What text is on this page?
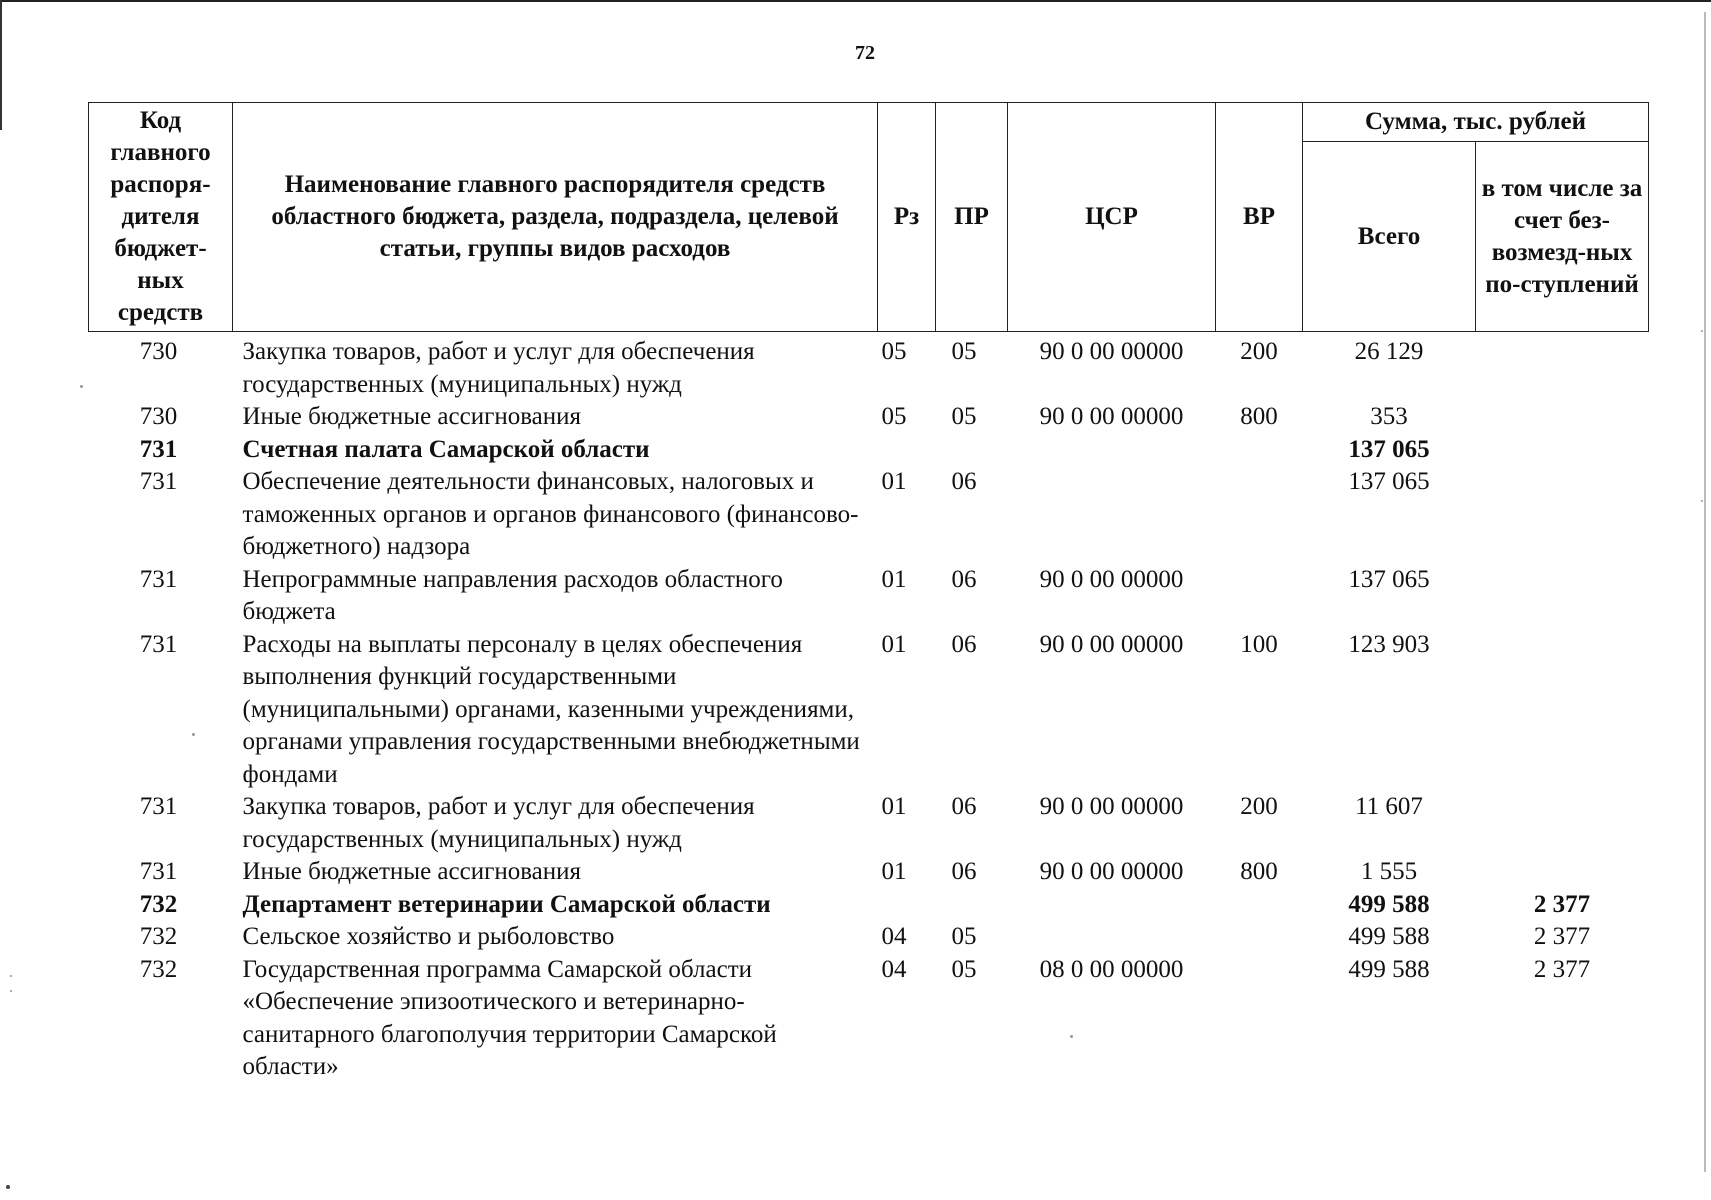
72
Код главного распоря-дителя бюджет-ных средств	Наименование главного распорядителя средств областного бюджета, раздела, подраздела, целевой статьи, группы видов расходов	Рз	ПР	ЦСР	ВР	Сумма, тыс. рублей	
						Всего	в том числе за счет без-возмезд-ных по-ступлений
730	Закупка товаров, работ и услуг для обеспечения государственных (муниципальных) нужд	05	05	90 0 00 00000	200	26 129	
730	Иные бюджетные ассигнования	05	05	90 0 00 00000	800	353	
731	Счетная палата Самарской области					137 065	
731	Обеспечение деятельности финансовых, налоговых и таможенных органов и органов финансового (финансово-бюджетного) надзора	01	06			137 065	
731	Непрограммные направления расходов областного бюджета	01	06	90 0 00 00000		137 065	
731	Расходы на выплаты персоналу в целях обеспечения выполнения функций государственными (муниципальными) органами, казенными учреждениями, органами управления государственными внебюджетными фондами	01	06	90 0 00 00000	100	123 903	
731	Закупка товаров, работ и услуг для обеспечения государственных (муниципальных) нужд	01	06	90 0 00 00000	200	11 607	
731	Иные бюджетные ассигнования	01	06	90 0 00 00000	800	1 555	
732	Департамент ветеринарии Самарской области					499 588	2 377
732	Сельское хозяйство и рыболовство	04	05			499 588	2 377
732	Государственная программа Самарской области «Обеспечение эпизоотического и ветеринарно-санитарного благополучия территории Самарской области»	04	05	08 0 00 00000		499 588	2 377
